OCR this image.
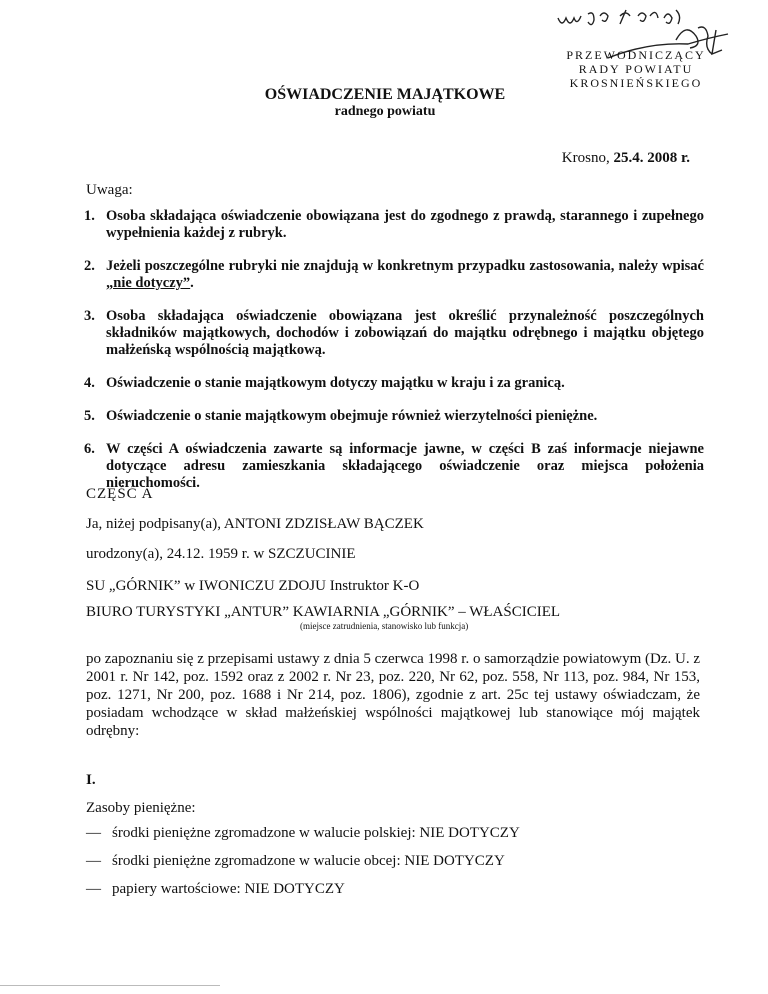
PRZEWODNICZĄCY
RADY POWIATU
KROSNIEŃSKIEGO
OŚWIADCZENIE MAJĄTKOWE
radnego powiatu
Krosno, 25.4. 2008 r.
Uwaga:
1. Osoba składająca oświadczenie obowiązana jest do zgodnego z prawdą, starannego i zupełnego wypełnienia każdej z rubryk.
2. Jeżeli poszczególne rubryki nie znajdują w konkretnym przypadku zastosowania, należy wpisać „nie dotyczy”.
3. Osoba składająca oświadczenie obowiązana jest określić przynależność poszczególnych składników majątkowych, dochodów i zobowiązań do majątku odrębnego i majątku objętego małżeńską wspólnością majątkową.
4. Oświadczenie o stanie majątkowym dotyczy majątku w kraju i za granicą.
5. Oświadczenie o stanie majątkowym obejmuje również wierzytelności pieniężne.
6. W części A oświadczenia zawarte są informacje jawne, w części B zaś informacje niejawne dotyczące adresu zamieszkania składającego oświadczenie oraz miejsca położenia nieruchomości.
CZĘŚĆ A
Ja, niżej podpisany(a), ANTONI ZDZISŁAW BĄCZEK
urodzony(a), 24.12. 1959 r. w SZCZUCINIE
SU „GÓRNIK” w IWONICZU ZDOJU Instruktor K-O
BIURO TURYSTYKI „ANTUR” KAWIARNIA „GÓRNIK” – WŁAŚCICIEL
(miejsce zatrudnienia, stanowisko lub funkcja)
po zapoznaniu się z przepisami ustawy z dnia 5 czerwca 1998 r. o samorządzie powiatowym (Dz. U. z 2001 r. Nr 142, poz. 1592 oraz z 2002 r. Nr 23, poz. 220, Nr 62, poz. 558, Nr 113, poz. 984, Nr 153, poz. 1271, Nr 200, poz. 1688 i Nr 214, poz. 1806), zgodnie z art. 25c tej ustawy oświadczam, że posiadam wchodzące w skład małżeńskiej wspólności majątkowej lub stanowiące mój majątek odrębny:
I.
Zasoby pieniężne:
— środki pieniężne zgromadzone w walucie polskiej: NIE DOTYCZY
— środki pieniężne zgromadzone w walucie obcej: NIE DOTYCZY
— papiery wartościowe: NIE DOTYCZY
